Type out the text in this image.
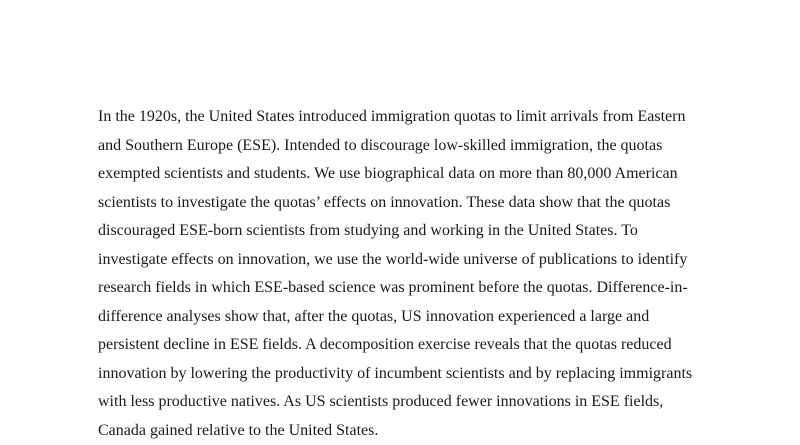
In the 1920s, the United States introduced immigration quotas to limit arrivals from Eastern
and Southern Europe (ESE). Intended to discourage low-skilled immigration, the quotas
exempted scientists and students. We use biographical data on more than 80,000 American
scientists to investigate the quotas’ effects on innovation. These data show that the quotas
discouraged ESE-born scientists from studying and working in the United States. To
investigate effects on innovation, we use the world-wide universe of publications to identify
research fields in which ESE-based science was prominent before the quotas. Difference-in-
difference analyses show that, after the quotas, US innovation experienced a large and
persistent decline in ESE fields. A decomposition exercise reveals that the quotas reduced
innovation by lowering the productivity of incumbent scientists and by replacing immigrants
with less productive natives. As US scientists produced fewer innovations in ESE fields,
Canada gained relative to the United States.
